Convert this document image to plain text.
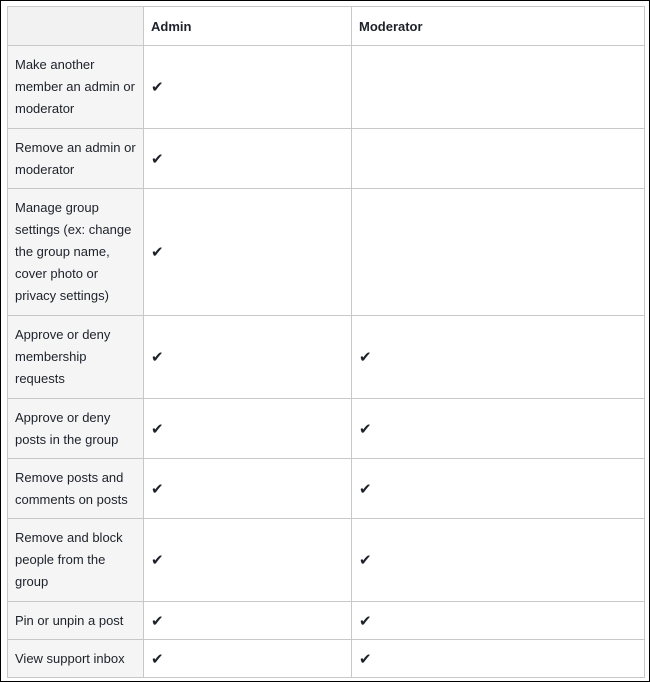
	Admin	Moderator
Make another member an admin or moderator	✔	
Remove an admin or moderator	✔	
Manage group settings (ex: change the group name, cover photo or privacy settings)	✔	
Approve or deny membership requests	✔	✔
Approve or deny posts in the group	✔	✔
Remove posts and comments on posts	✔	✔
Remove and block people from the group	✔	✔
Pin or unpin a post	✔	✔
View support inbox	✔	✔
